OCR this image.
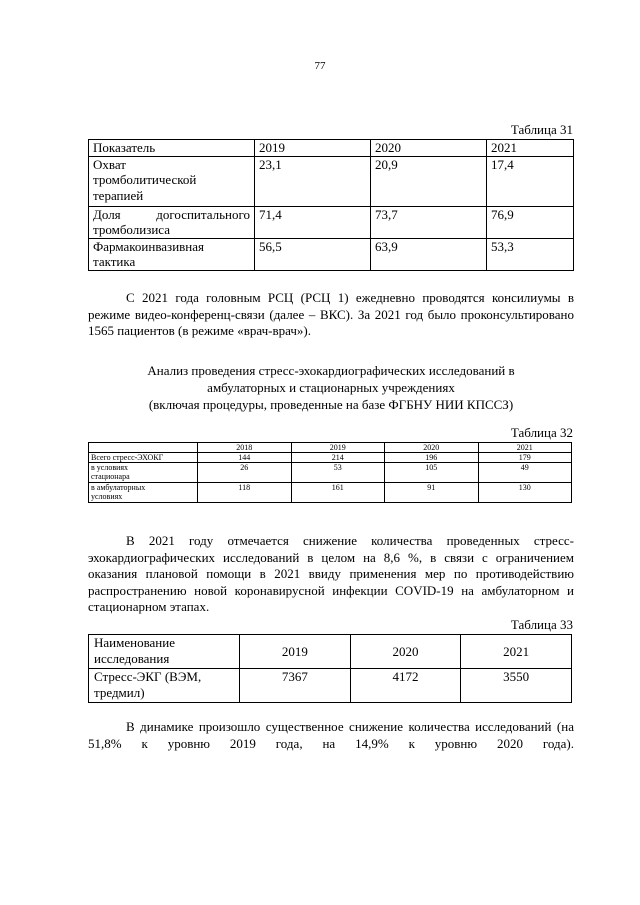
77
Таблица 31
Показатель	2019	2020	2021
Охват тромболитической терапией	23,1	20,9	17,4
Доля догоспитального тромболизиса	71,4	73,7	76,9
Фармакоинвазивная тактика	56,5	63,9	53,3

С 2021 года головным РСЦ (РСЦ 1) ежедневно проводятся консилиумы в режиме видео-конференц-связи (далее – ВКС). За 2021 год было проконсультировано 1565 пациентов (в режиме «врач-врач»).

Анализ проведения стресс-эхокардиографических исследований в
амбулаторных и стационарных учреждениях
(включая процедуры, проведенные на базе ФГБНУ НИИ КПССЗ)
Таблица 32
	2018	2019	2020	2021
Всего стресс-ЭХОКГ	144	214	196	179
в условиях стационара	26	53	105	49
в амбулаторных условиях	118	161	91	130

В 2021 году отмечается снижение количества проведенных стресс-эхокардиографических исследований в целом на 8,6 %, в связи с ограничением оказания плановой помощи в 2021 ввиду применения мер по противодействию распространению новой коронавирусной инфекции COVID-19 на амбулаторном и стационарном этапах.

Таблица 33
Наименование исследования	2019	2020	2021
Стресс-ЭКГ (ВЭМ, тредмил)	7367	4172	3550

В динамике произошло существенное снижение количества исследований (на 51,8% к уровню 2019 года, на 14,9% к уровню 2020 года).
